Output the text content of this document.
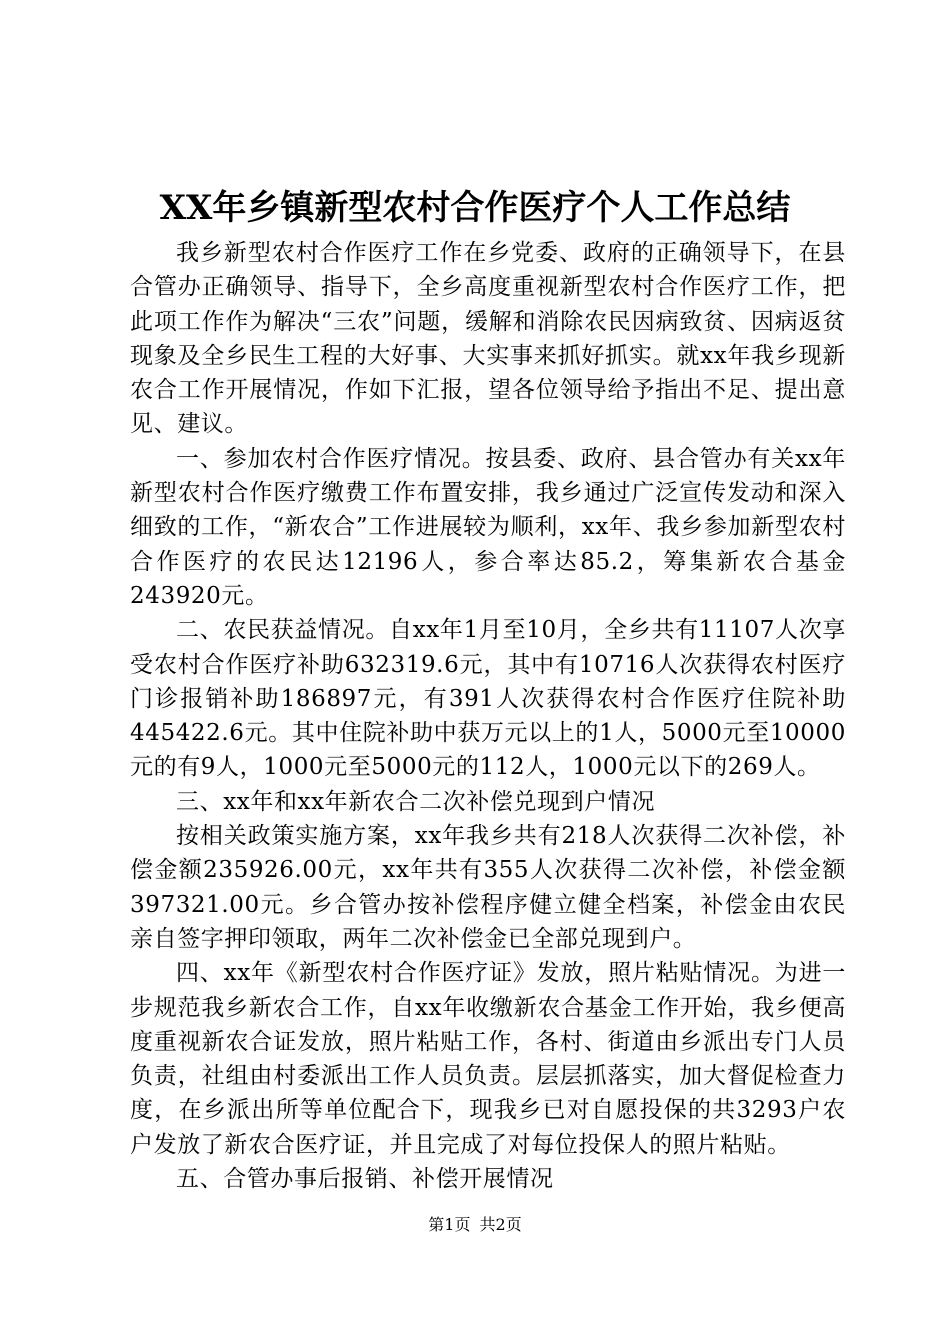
XX年乡镇新型农村合作医疗个人工作总结

我乡新型农村合作医疗工作在乡党委、政府的正确领导下，在县合管办正确领导、指导下，全乡高度重视新型农村合作医疗工作，把此项工作作为解决“三农”问题，缓解和消除农民因病致贫、因病返贫现象及全乡民生工程的大好事、大实事来抓好抓实。就xx年我乡现新农合工作开展情况，作如下汇报，望各位领导给予指出不足、提出意见、建议。

一、参加农村合作医疗情况。按县委、政府、县合管办有关xx年新型农村合作医疗缴费工作布置安排，我乡通过广泛宣传发动和深入细致的工作，“新农合”工作进展较为顺利，xx年、我乡参加新型农村合作医疗的农民达12196人，参合率达85.2，筹集新农合基金243920元。

二、农民获益情况。自xx年1月至10月，全乡共有11107人次享受农村合作医疗补助632319.6元，其中有10716人次获得农村医疗门诊报销补助186897元，有391人次获得农村合作医疗住院补助445422.6元。其中住院补助中获万元以上的1人，5000元至10000元的有9人，1000元至5000元的112人，1000元以下的269人。

三、xx年和xx年新农合二次补偿兑现到户情况

按相关政策实施方案，xx年我乡共有218人次获得二次补偿，补偿金额235926.00元，xx年共有355人次获得二次补偿，补偿金额397321.00元。乡合管办按补偿程序健立健全档案，补偿金由农民亲自签字押印领取，两年二次补偿金已全部兑现到户。

四、xx年《新型农村合作医疗证》发放，照片粘贴情况。为进一步规范我乡新农合工作，自xx年收缴新农合基金工作开始，我乡便高度重视新农合证发放，照片粘贴工作，各村、街道由乡派出专门人员负责，社组由村委派出工作人员负责。层层抓落实，加大督促检查力度，在乡派出所等单位配合下，现我乡已对自愿投保的共3293户农户发放了新农合医疗证，并且完成了对每位投保人的照片粘贴。

五、合管办事后报销、补偿开展情况

第1页 共2页
